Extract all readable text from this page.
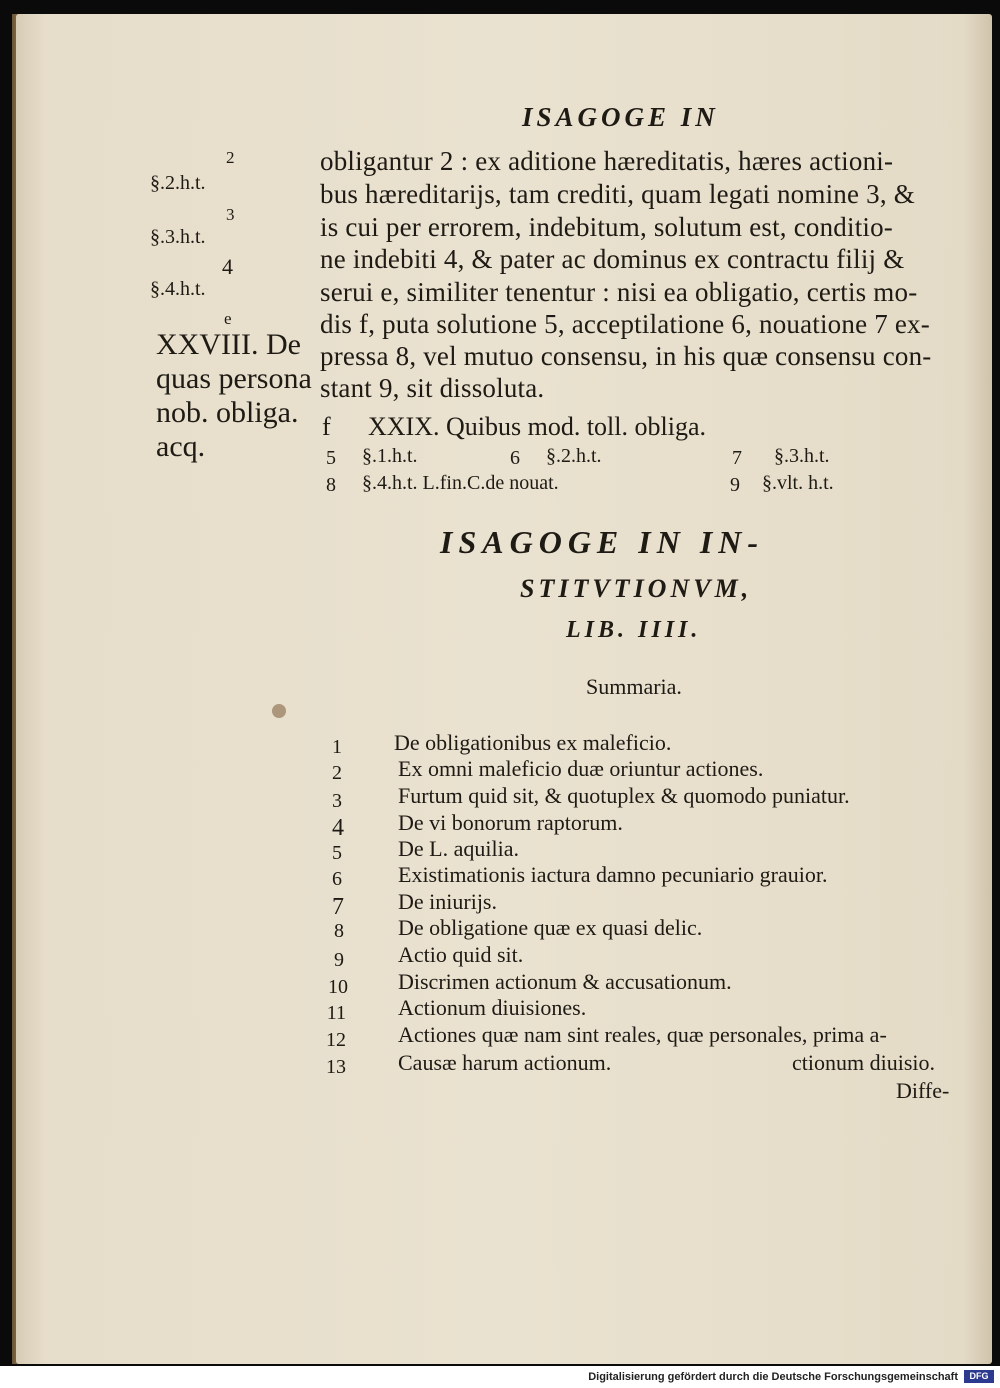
ISAGOGE IN
2
§.2.h.t.
3
§.3.h.t.
4
§.4.h.t.
e
XXVIII. De
quas persona
nob. obliga.
acq.
obligantur 2 : ex aditione hæreditatis, hæres actioni-
bus hæreditarijs, tam crediti, quam legati nomine 3, &
is cui per errorem, indebitum, solutum est, conditio-
ne indebiti 4, & pater ac dominus ex contractu filij &
serui e, similiter tenentur : nisi ea obligatio, certis mo-
dis f, puta solutione 5, acceptilatione 6, nouatione 7 ex-
pressa 8, vel mutuo consensu, in his quæ consensu con-
stant 9, sit dissoluta.
f XXIX. Quibus mod. toll. obliga.
5 §.1.h.t.	6 §.2.h.t.	7 §.3.h.t.
8 §.4.h.t. L.fin.C.de nouat.	9 §.vlt. h.t.
ISAGOGE IN IN-
STITVTIONVM,
LIB. IIII.
Summaria.
1 De obligationibus ex maleficio.
2	Ex omni maleficio duæ oriuntur actiones.
3	Furtum quid sit, & quotuplex & quomodo puniatur.
4 De vi bonorum raptorum.
5	De L. aquilia.
6	Existimationis iactura damno pecuniario grauior.
7 De iniurijs.
8 De obligatione quæ ex quasi delic.
9 Actio quid sit.
10 Discrimen actionum & accusationum.
11 Actionum diuisiones.
12 Actiones quæ nam sint reales, quæ personales, prima a-
13 Causæ harum actionum.	ctionum diuisio.
Diffe-
Digitalisierung gefördert durch die Deutsche Forschungsgemeinschaft	DFG
